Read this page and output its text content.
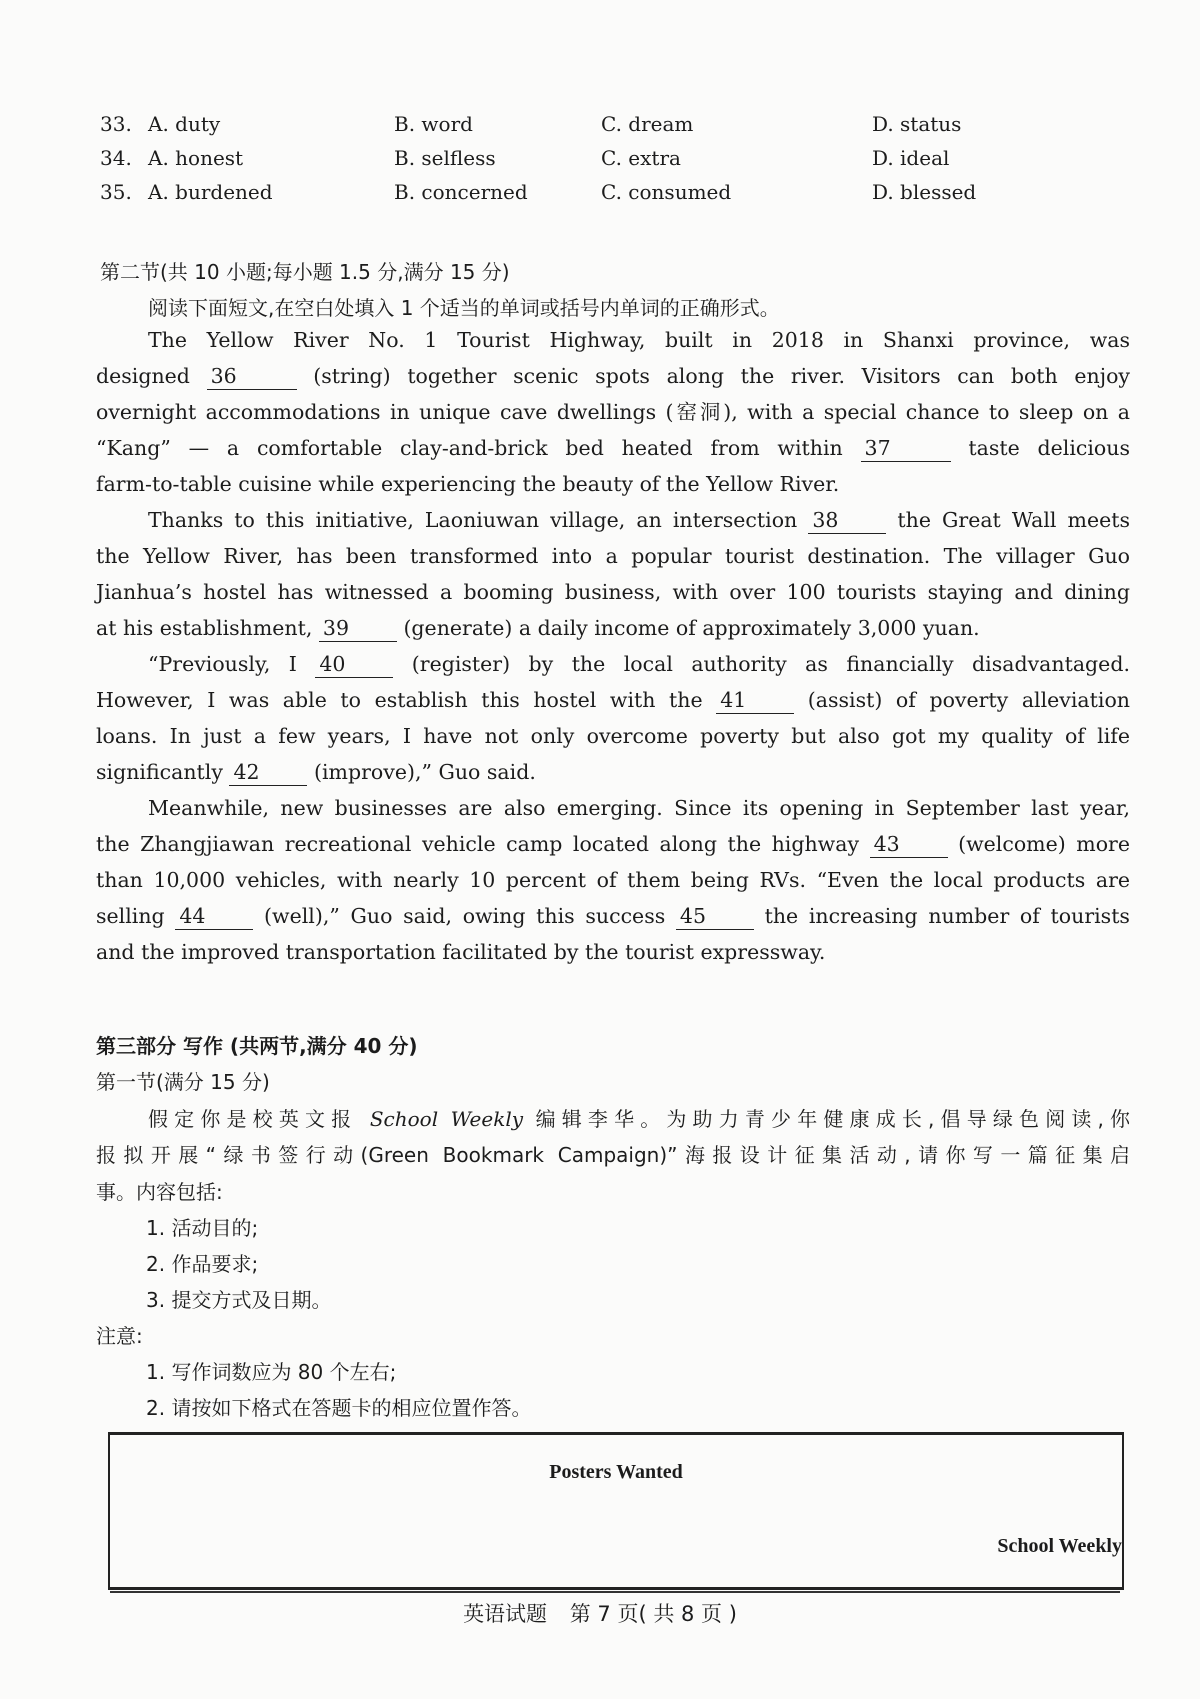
33. A. duty	B. word	C. dream	D. status
34. A. honest	B. selfless	C. extra	D. ideal
35. A. burdened	B. concerned	C. consumed	D. blessed
第二节(共 10 小题;每小题 1.5 分,满分 15 分)
阅读下面短文,在空白处填入 1 个适当的单词或括号内单词的正确形式。
The Yellow River No. 1 Tourist Highway, built in 2018 in Shanxi province, was
designed 36	(string) together scenic spots along the river. Visitors can both enjoy
overnight accommodations in unique cave dwellings (窑洞), with a special chance to sleep on a
“Kang” — a comfortable clay-and-brick bed heated from within 37	taste delicious
farm-to-table cuisine while experiencing the beauty of the Yellow River.
Thanks to this initiative, Laoniuwan village, an intersection 38	the Great Wall meets
the Yellow River, has been transformed into a popular tourist destination. The villager Guo
Jianhua’s hostel has witnessed a booming business, with over 100 tourists staying and dining
at his establishment, 39	(generate) a daily income of approximately 3,000 yuan.
“Previously, I 40	(register) by the local authority as financially disadvantaged.
However, I was able to establish this hostel with the 41	(assist) of poverty alleviation
loans. In just a few years, I have not only overcome poverty but also got my quality of life
significantly 42	(improve),” Guo said.
Meanwhile, new businesses are also emerging. Since its opening in September last year,
the Zhangjiawan recreational vehicle camp located along the highway 43	(welcome) more
than 10,000 vehicles, with nearly 10 percent of them being RVs. “Even the local products are
selling 44	(well),” Guo said, owing this success 45	the increasing number of tourists
and the improved transportation facilitated by the tourist expressway.
第三部分 写作 (共两节,满分 40 分)
第一节(满分 15 分)
假定你是校英文报 School Weekly 编辑李华。为助力青少年健康成长,倡导绿色阅读,你
报拟开展“绿书签行动(Green Bookmark Campaign)”海报设计征集活动,请你写一篇征集启
事。内容包括:
1. 活动目的;
2. 作品要求;
3. 提交方式及日期。
注意:
1. 写作词数应为 80 个左右;
2. 请按如下格式在答题卡的相应位置作答。
Posters Wanted
School Weekly
英语试题 第 7 页( 共 8 页 )
